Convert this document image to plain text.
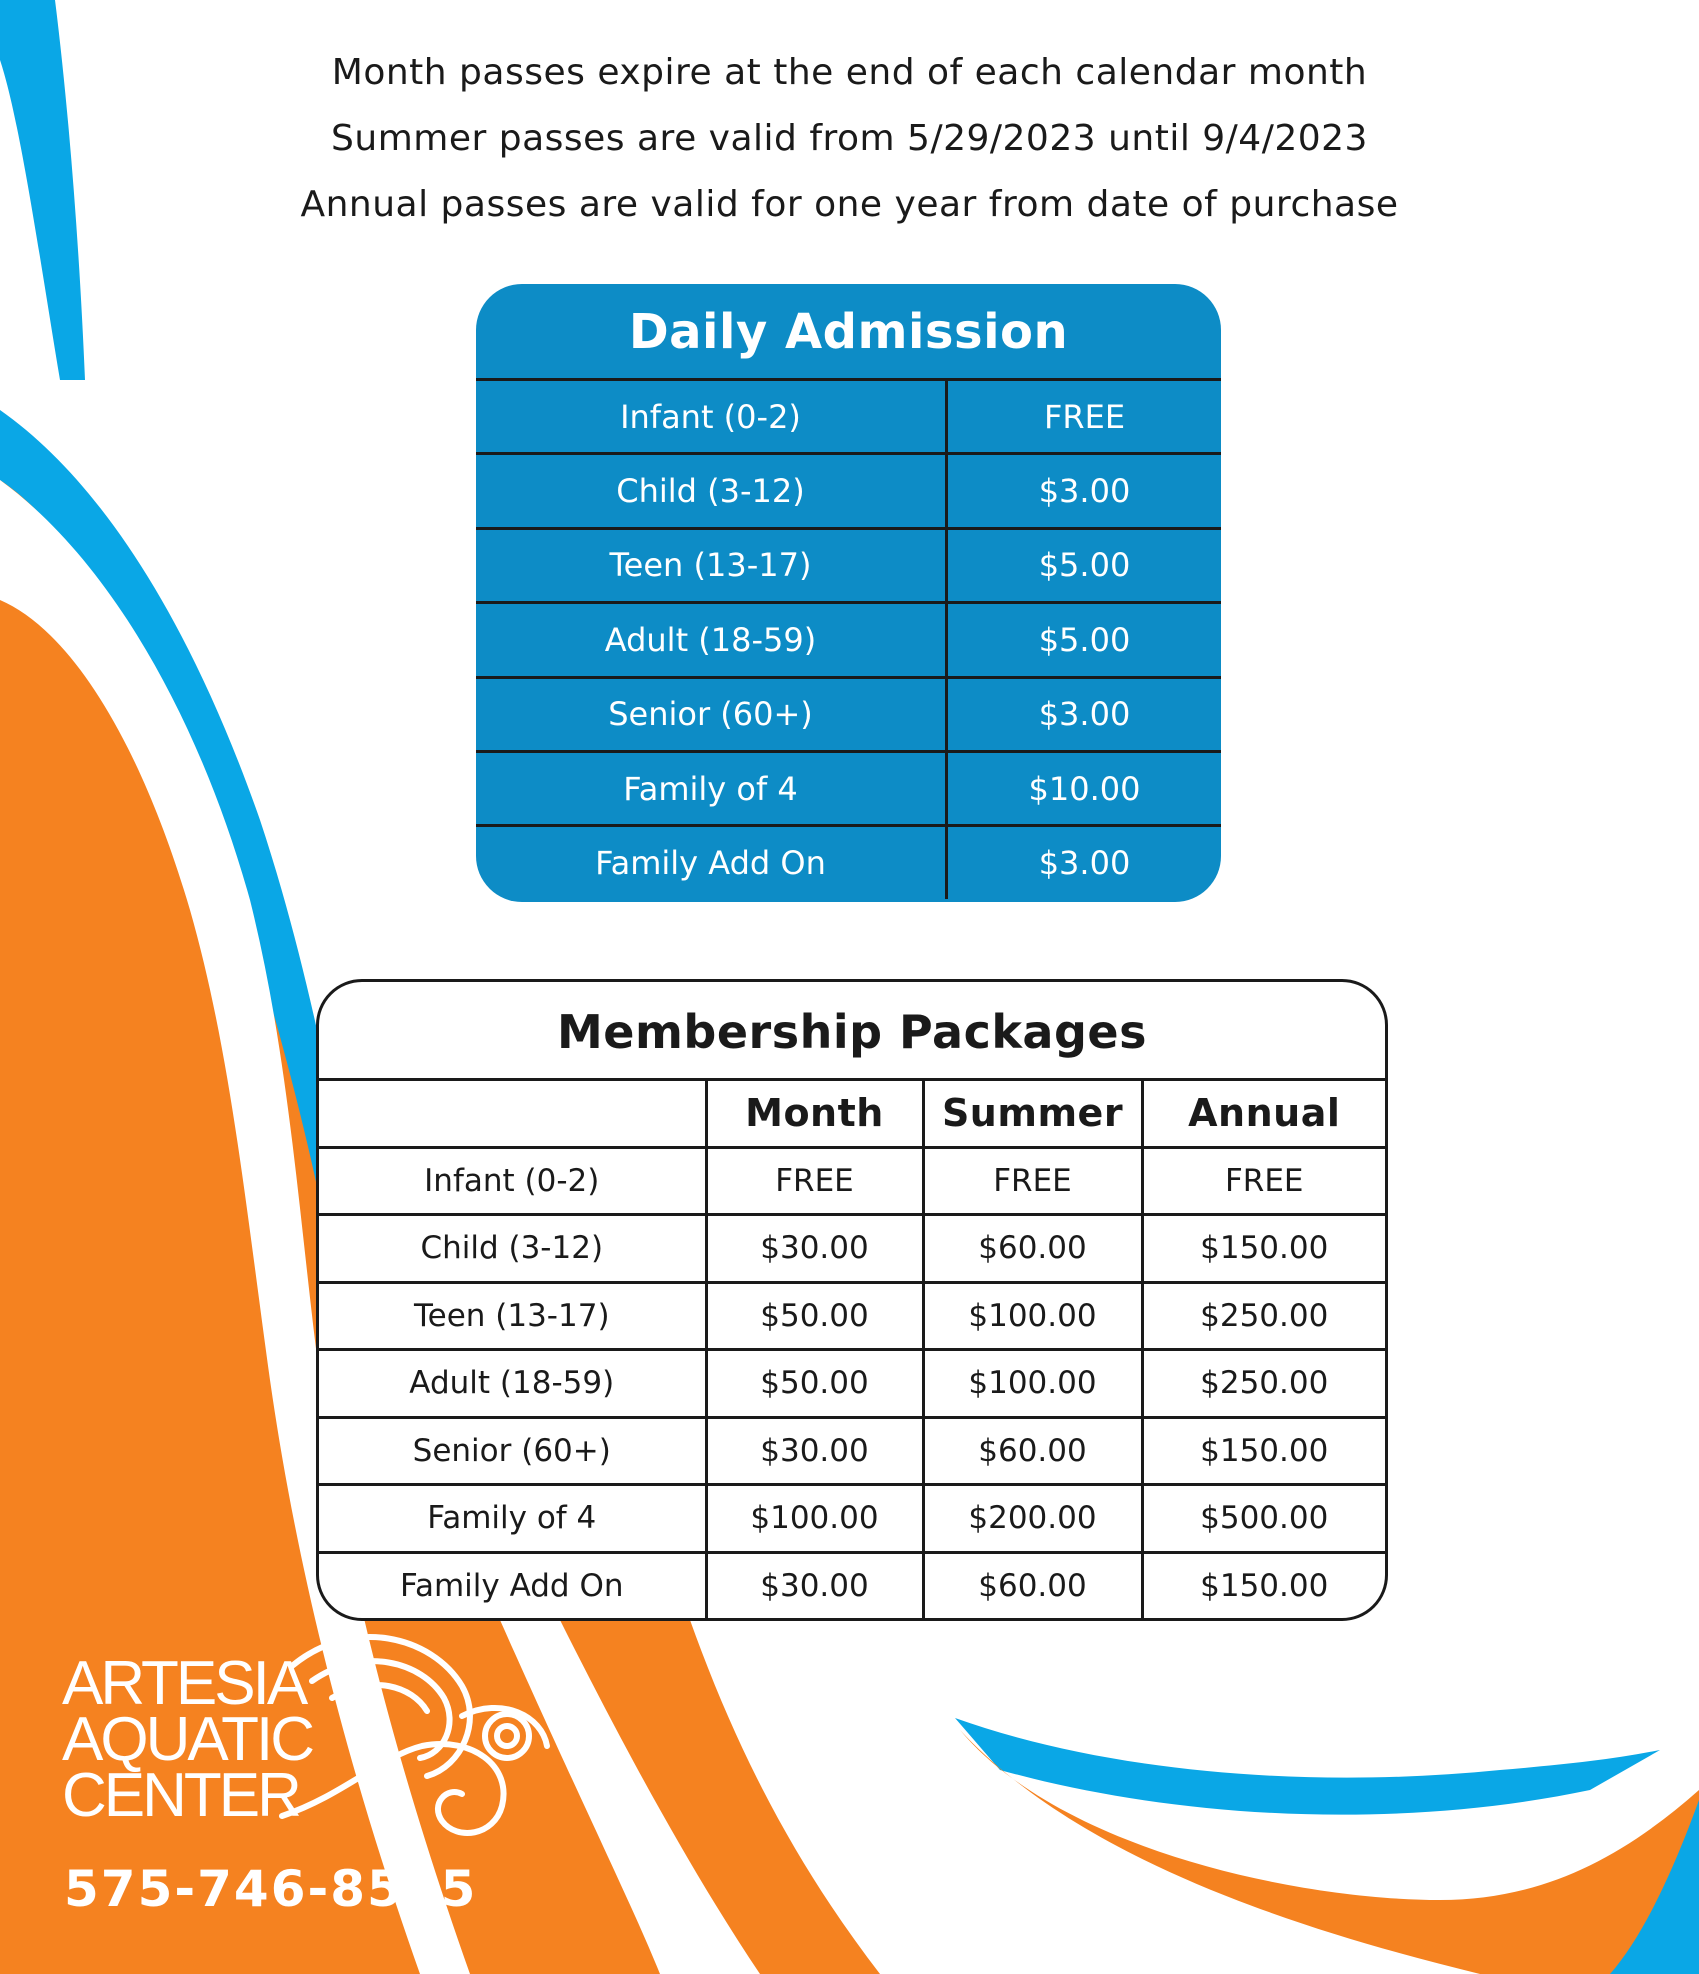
Month passes expire at the end of each calendar month

Summer passes are valid from 5/29/2023 until 9/4/2023

Annual passes are valid for one year from date of purchase

Daily Admission
Infant (0-2)	FREE
Child (3-12)	$3.00
Teen (13-17)	$5.00
Adult (18-59)	$5.00
Senior (60+)	$3.00
Family of 4	$10.00
Family Add On	$3.00
Membership Packages
	Month	Summer	Annual
Infant (0-2)	FREE	FREE	FREE
Child (3-12)	$30.00	$60.00	$150.00
Teen (13-17)	$50.00	$100.00	$250.00
Adult (18-59)	$50.00	$100.00	$250.00
Senior (60+)	$30.00	$60.00	$150.00
Family of 4	$100.00	$200.00	$500.00
Family Add On	$30.00	$60.00	$150.00
ARTESIA
AQUATIC
CENTER
575-746-8525
